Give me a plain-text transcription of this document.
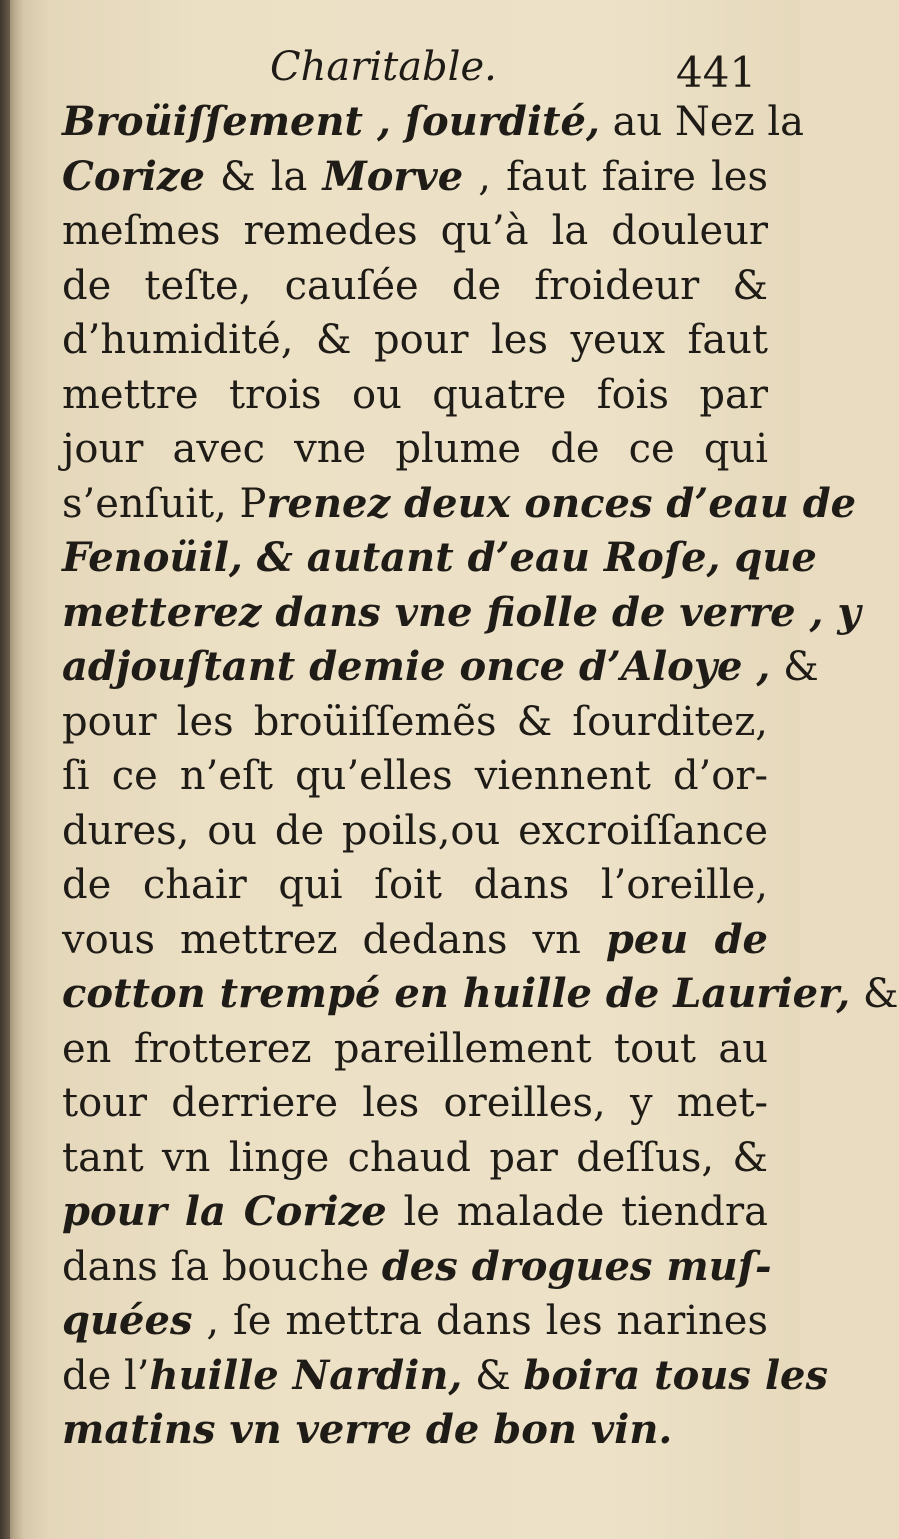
Charitable.	441
Broüiſſement , ſourdité, au Nez la
Corize & la Morve , faut faire les
meſmes remedes qu’à la douleur
de teſte, cauſée de froideur &
d’humidité, & pour les yeux faut
mettre trois ou quatre fois par
jour avec vne plume de ce qui
s’enſuit, Prenez deux onces d’eau de
Fenoüil, & autant d’eau Roſe, que
metterez dans vne fiolle de verre , y
adjouſtant demie once d’Aloye , &
pour les broüiſſemẽs & ſourditez,
ſi ce n’eſt qu’elles viennent d’or-
dures, ou de poils,ou excroiſſance
de chair qui ſoit dans l’oreille,
vous mettrez dedans vn peu de
cotton trempé en huille de Laurier, &
en frotterez pareillement tout au
tour derriere les oreilles, y met-
tant vn linge chaud par deſſus, &
pour la Corize le malade tiendra
dans ſa bouche des drogues muſ-
quées , ſe mettra dans les narines
de l’huille Nardin, & boira tous les
matins vn verre de bon vin.
